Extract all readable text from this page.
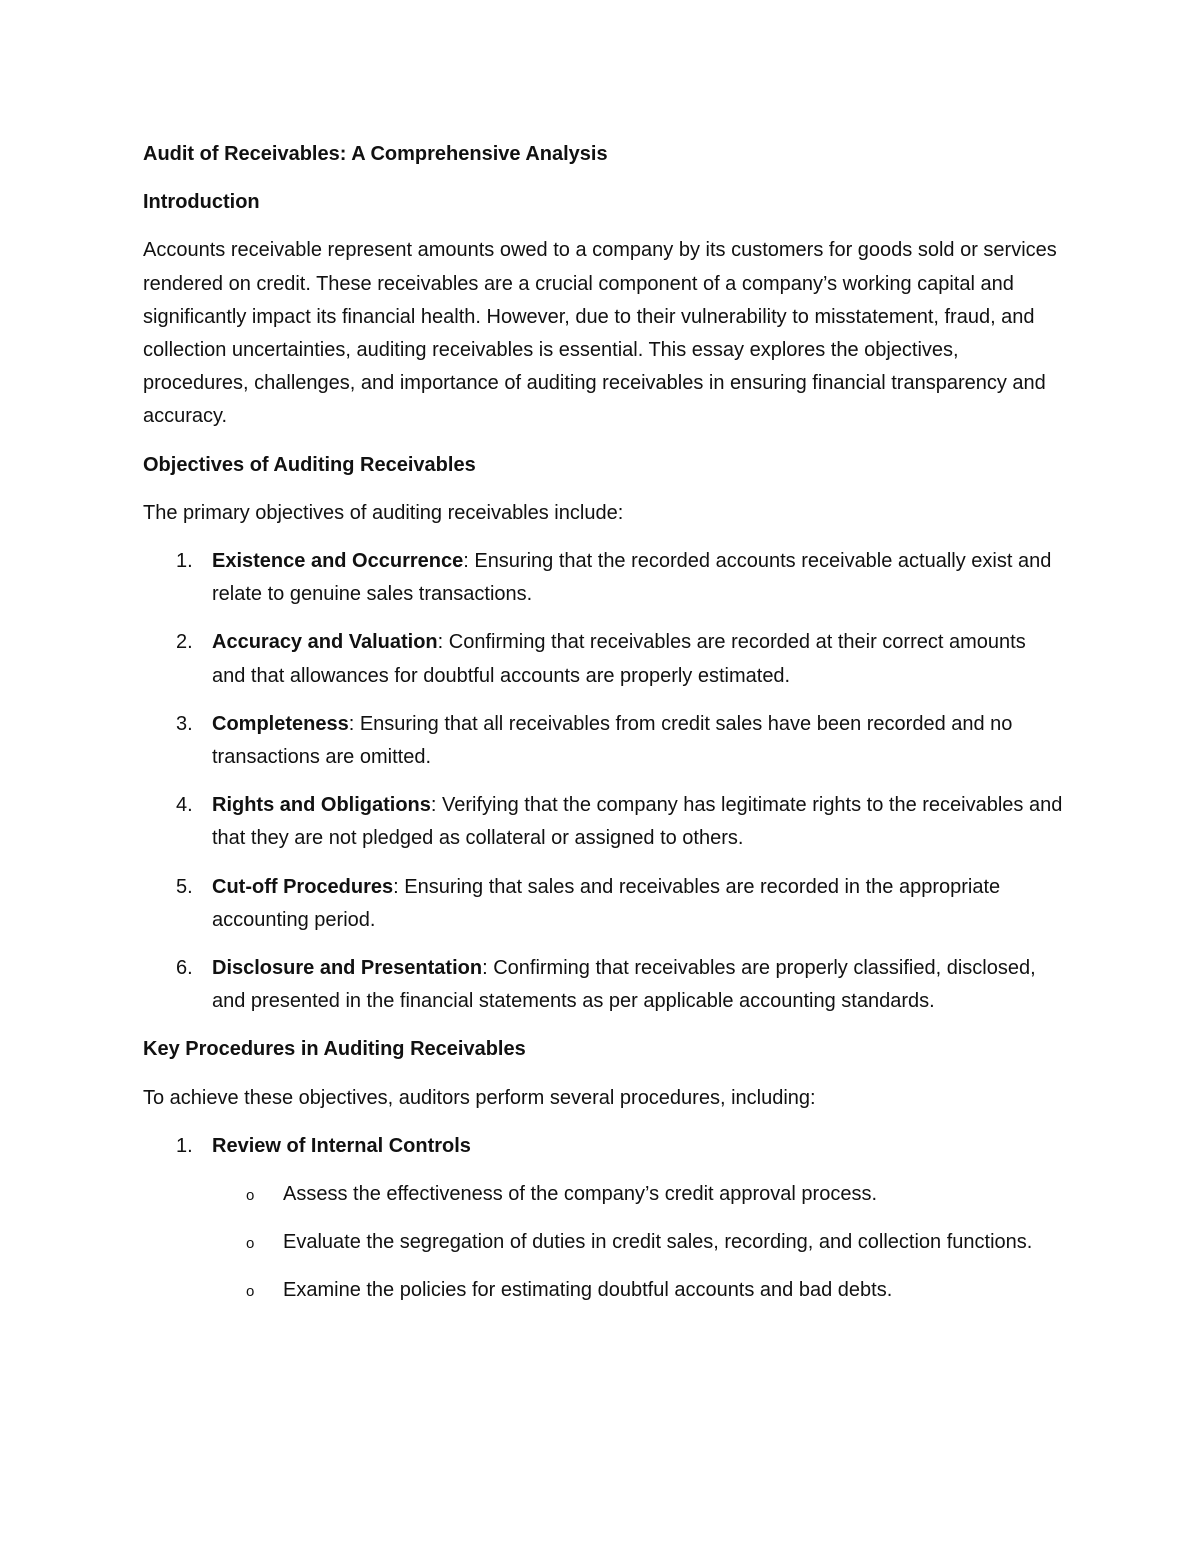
Audit of Receivables: A Comprehensive Analysis
Introduction
Accounts receivable represent amounts owed to a company by its customers for goods sold or services rendered on credit. These receivables are a crucial component of a company’s working capital and significantly impact its financial health. However, due to their vulnerability to misstatement, fraud, and collection uncertainties, auditing receivables is essential. This essay explores the objectives, procedures, challenges, and importance of auditing receivables in ensuring financial transparency and accuracy.
Objectives of Auditing Receivables
The primary objectives of auditing receivables include:
1. Existence and Occurrence: Ensuring that the recorded accounts receivable actually exist and relate to genuine sales transactions.
2. Accuracy and Valuation: Confirming that receivables are recorded at their correct amounts and that allowances for doubtful accounts are properly estimated.
3. Completeness: Ensuring that all receivables from credit sales have been recorded and no transactions are omitted.
4. Rights and Obligations: Verifying that the company has legitimate rights to the receivables and that they are not pledged as collateral or assigned to others.
5. Cut-off Procedures: Ensuring that sales and receivables are recorded in the appropriate accounting period.
6. Disclosure and Presentation: Confirming that receivables are properly classified, disclosed, and presented in the financial statements as per applicable accounting standards.
Key Procedures in Auditing Receivables
To achieve these objectives, auditors perform several procedures, including:
1. Review of Internal Controls
o Assess the effectiveness of the company’s credit approval process.
o Evaluate the segregation of duties in credit sales, recording, and collection functions.
o Examine the policies for estimating doubtful accounts and bad debts.
